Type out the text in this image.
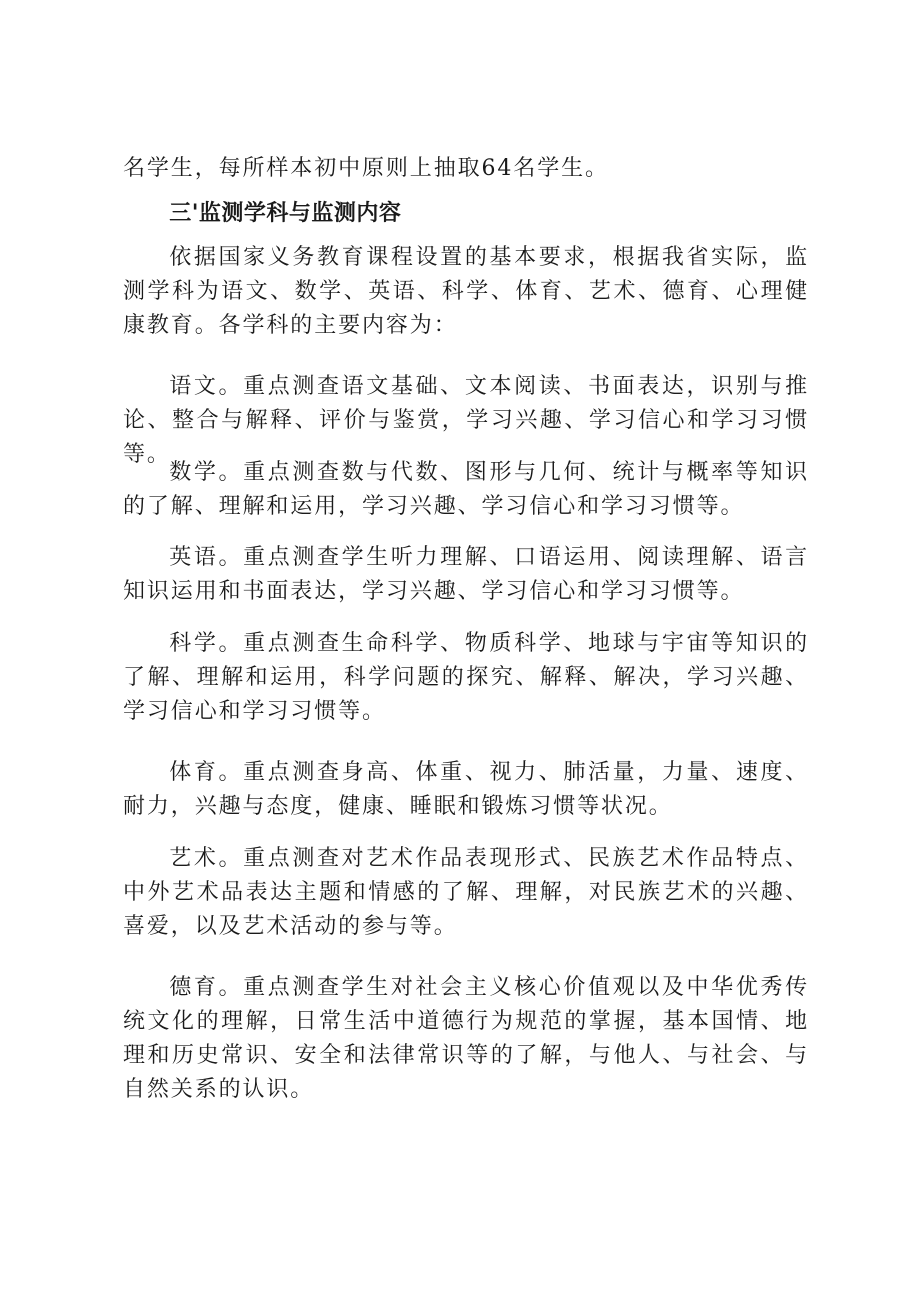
名学生，每所样本初中原则上抽取64名学生。
三'监测学科与监测内容
依据国家义务教育课程设置的基本要求，根据我省实际，监测学科为语文、数学、英语、科学、体育、艺术、德育、心理健康教育。各学科的主要内容为：
语文。重点测查语文基础、文本阅读、书面表达，识别与推论、整合与解释、评价与鉴赏，学习兴趣、学习信心和学习习惯等。
数学。重点测查数与代数、图形与几何、统计与概率等知识的了解、理解和运用，学习兴趣、学习信心和学习习惯等。
英语。重点测查学生听力理解、口语运用、阅读理解、语言知识运用和书面表达，学习兴趣、学习信心和学习习惯等。
科学。重点测查生命科学、物质科学、地球与宇宙等知识的了解、理解和运用，科学问题的探究、解释、解决，学习兴趣、学习信心和学习习惯等。
体育。重点测查身高、体重、视力、肺活量，力量、速度、耐力，兴趣与态度，健康、睡眠和锻炼习惯等状况。
艺术。重点测查对艺术作品表现形式、民族艺术作品特点、中外艺术品表达主题和情感的了解、理解，对民族艺术的兴趣、喜爱，以及艺术活动的参与等。
德育。重点测查学生对社会主义核心价值观以及中华优秀传统文化的理解，日常生活中道德行为规范的掌握，基本国情、地理和历史常识、安全和法律常识等的了解，与他人、与社会、与自然关系的认识。
